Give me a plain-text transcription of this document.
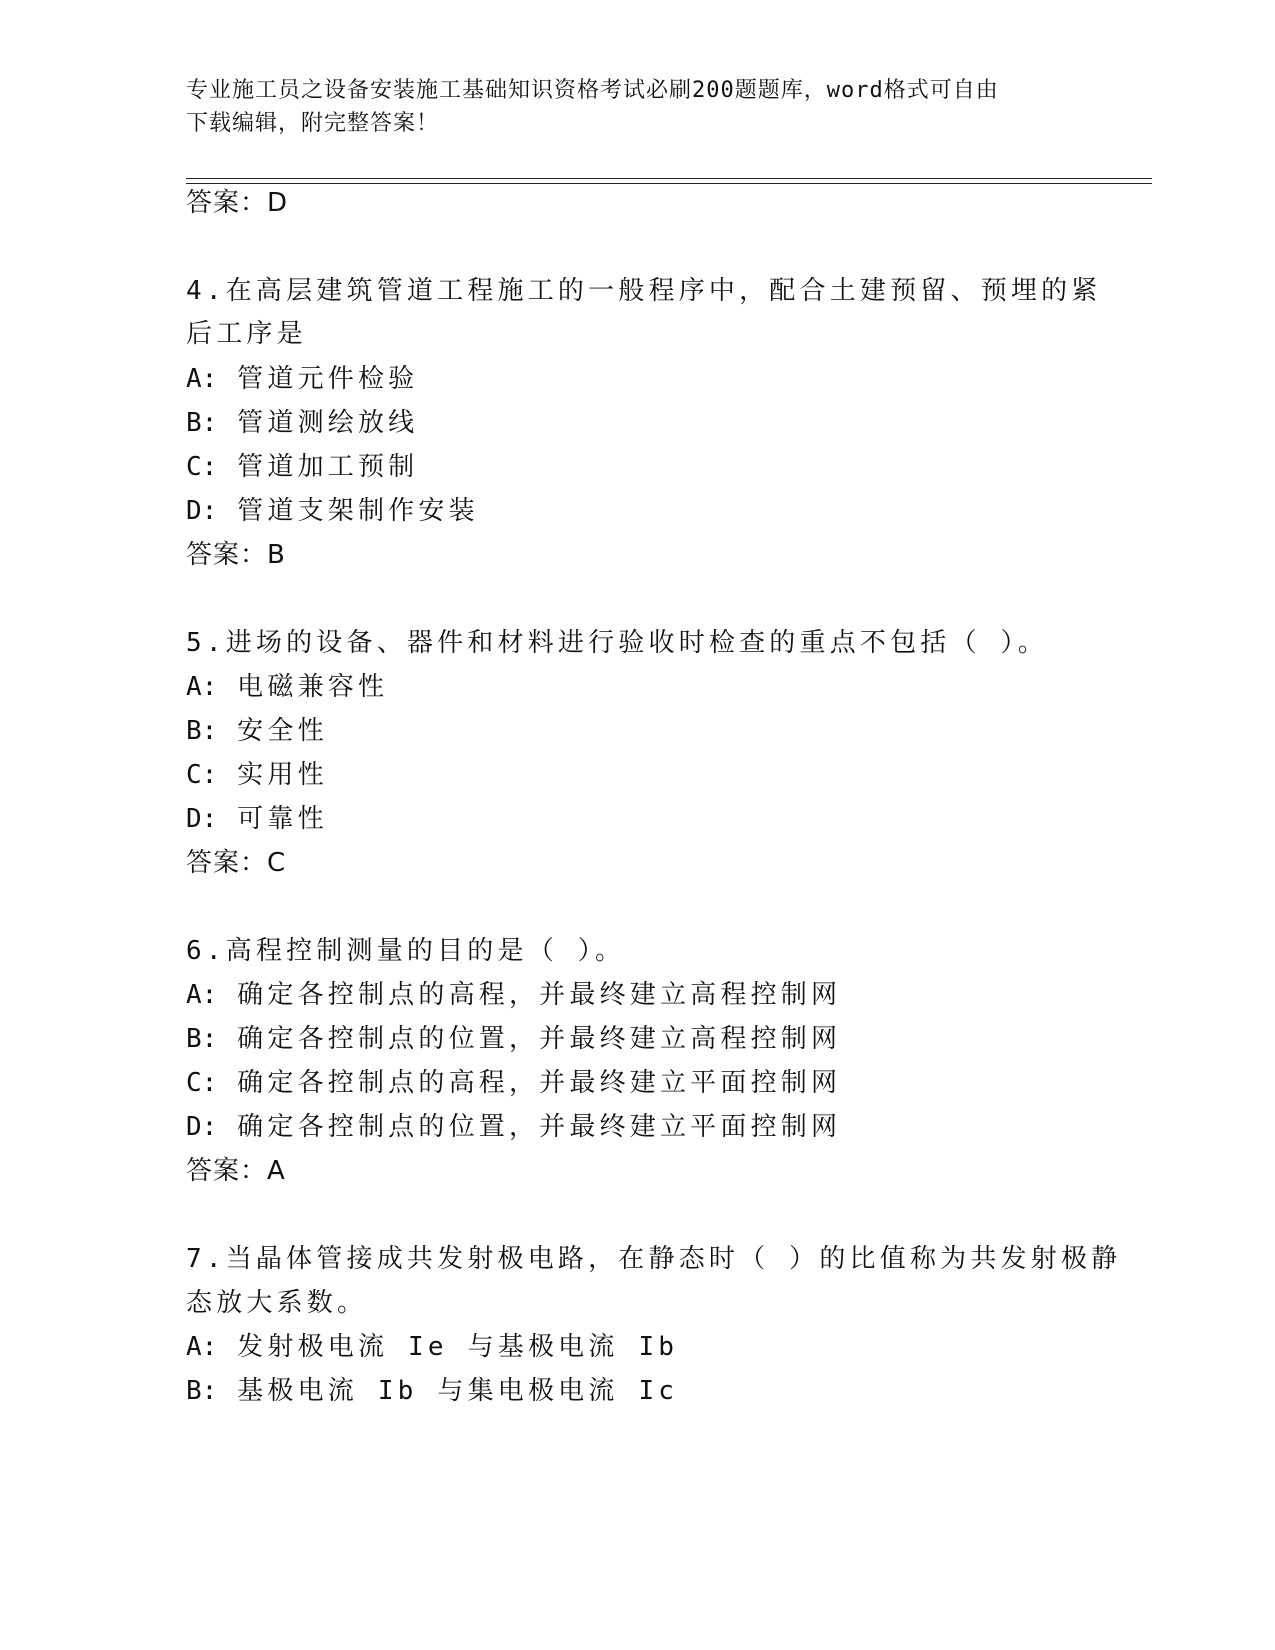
专业施工员之设备安装施工基础知识资格考试必刷200题题库，word格式可自由
下载编辑，附完整答案！
答案：D
4.在高层建筑管道工程施工的一般程序中，配合土建预留、预埋的紧
后工序是
A: 管道元件检验
B: 管道测绘放线
C: 管道加工预制
D: 管道支架制作安装
答案：B
5.进场的设备、器件和材料进行验收时检查的重点不包括（ ）。
A: 电磁兼容性
B: 安全性
C: 实用性
D: 可靠性
答案：C
6.高程控制测量的目的是（ ）。
A: 确定各控制点的高程，并最终建立高程控制网
B: 确定各控制点的位置，并最终建立高程控制网
C: 确定各控制点的高程，并最终建立平面控制网
D: 确定各控制点的位置，并最终建立平面控制网
答案：A
7.当晶体管接成共发射极电路，在静态时（ ）的比值称为共发射极静
态放大系数。
A: 发射极电流 Ie 与基极电流 Ib
B: 基极电流 Ib 与集电极电流 Ic
